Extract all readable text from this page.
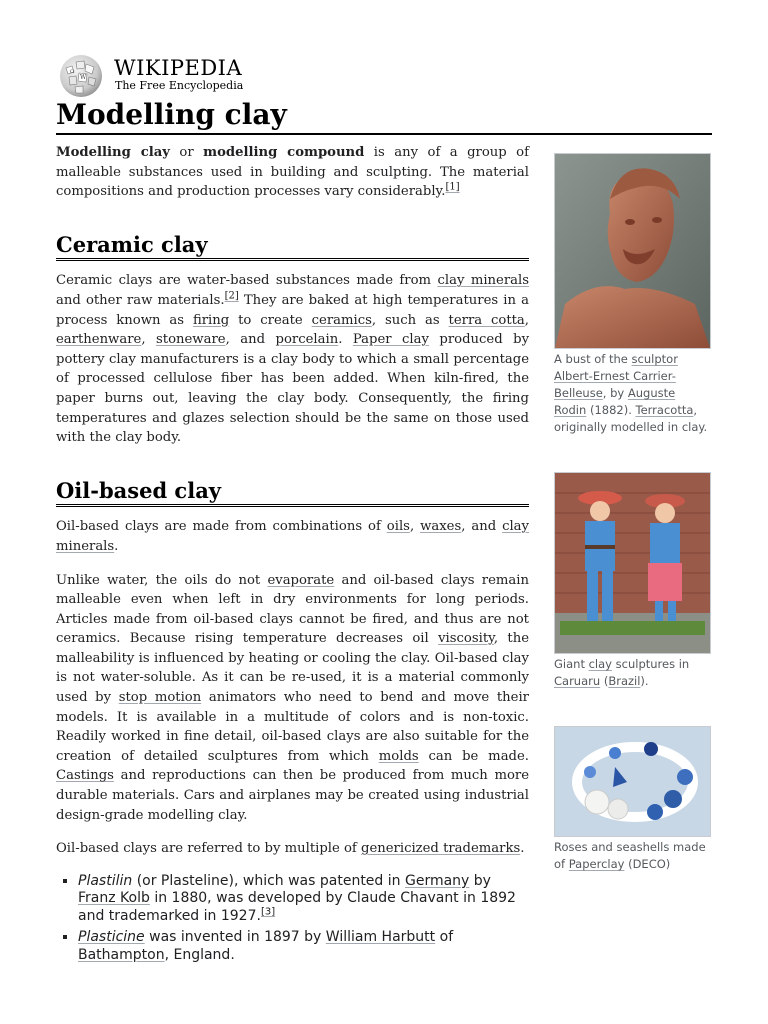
Ω
W WIKIPEDIA
The Free Encyclopedia
Modelling clay

Modelling clay or modelling compound is any of a group of malleable substances used in building and sculpting. The material compositions and production processes vary considerably.[1]

Ceramic clay

Ceramic clays are water-based substances made from clay minerals and other raw materials.[2] They are baked at high temperatures in a process known as firing to create ceramics, such as terra cotta, earthenware, stoneware, and porcelain. Paper clay produced by pottery clay manufacturers is a clay body to which a small percentage of processed cellulose fiber has been added. When kiln-fired, the paper burns out, leaving the clay body. Consequently, the firing temperatures and glazes selection should be the same on those used with the clay body.

Oil-based clay

Oil-based clays are made from combinations of oils, waxes, and clay minerals.

Unlike water, the oils do not evaporate and oil-based clays remain malleable even when left in dry environments for long periods. Articles made from oil-based clays cannot be fired, and thus are not ceramics. Because rising temperature decreases oil viscosity, the malleability is influenced by heating or cooling the clay. Oil-based clay is not water-soluble. As it can be re-used, it is a material commonly used by stop motion animators who need to bend and move their models. It is available in a multitude of colors and is non-toxic. Readily worked in fine detail, oil-based clays are also suitable for the creation of detailed sculptures from which molds can be made. Castings and reproductions can then be produced from much more durable materials. Cars and airplanes may be created using industrial design-grade modelling clay.

Oil-based clays are referred to by multiple of genericized trademarks.

▪ Plastilin (or Plasteline), which was patented in Germany by Franz Kolb in 1880, was developed by Claude Chavant in 1892 and trademarked in 1927.[3]
▪ Plasticine was invented in 1897 by William Harbutt of Bathampton, England.
A bust of the sculptor Albert-Ernest Carrier-Belleuse, by Auguste Rodin (1882). Terracotta, originally modelled in clay.
Giant clay sculptures in Caruaru (Brazil).
Roses and seashells made of Paperclay (DECO)
